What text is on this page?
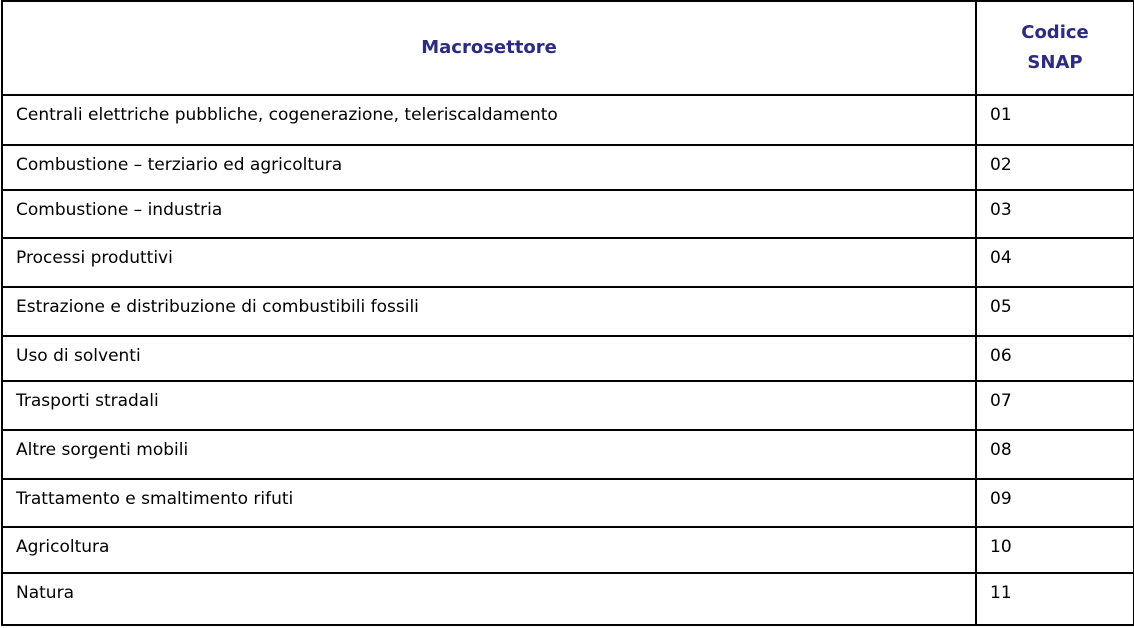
Macrosettore	Codice
SNAP
Centrali elettriche pubbliche, cogenerazione, teleriscaldamento	01
Combustione – terziario ed agricoltura	02
Combustione – industria	03
Processi produttivi	04
Estrazione e distribuzione di combustibili fossili	05
Uso di solventi	06
Trasporti stradali	07
Altre sorgenti mobili	08
Trattamento e smaltimento rifuti	09
Agricoltura	10
Natura	11
